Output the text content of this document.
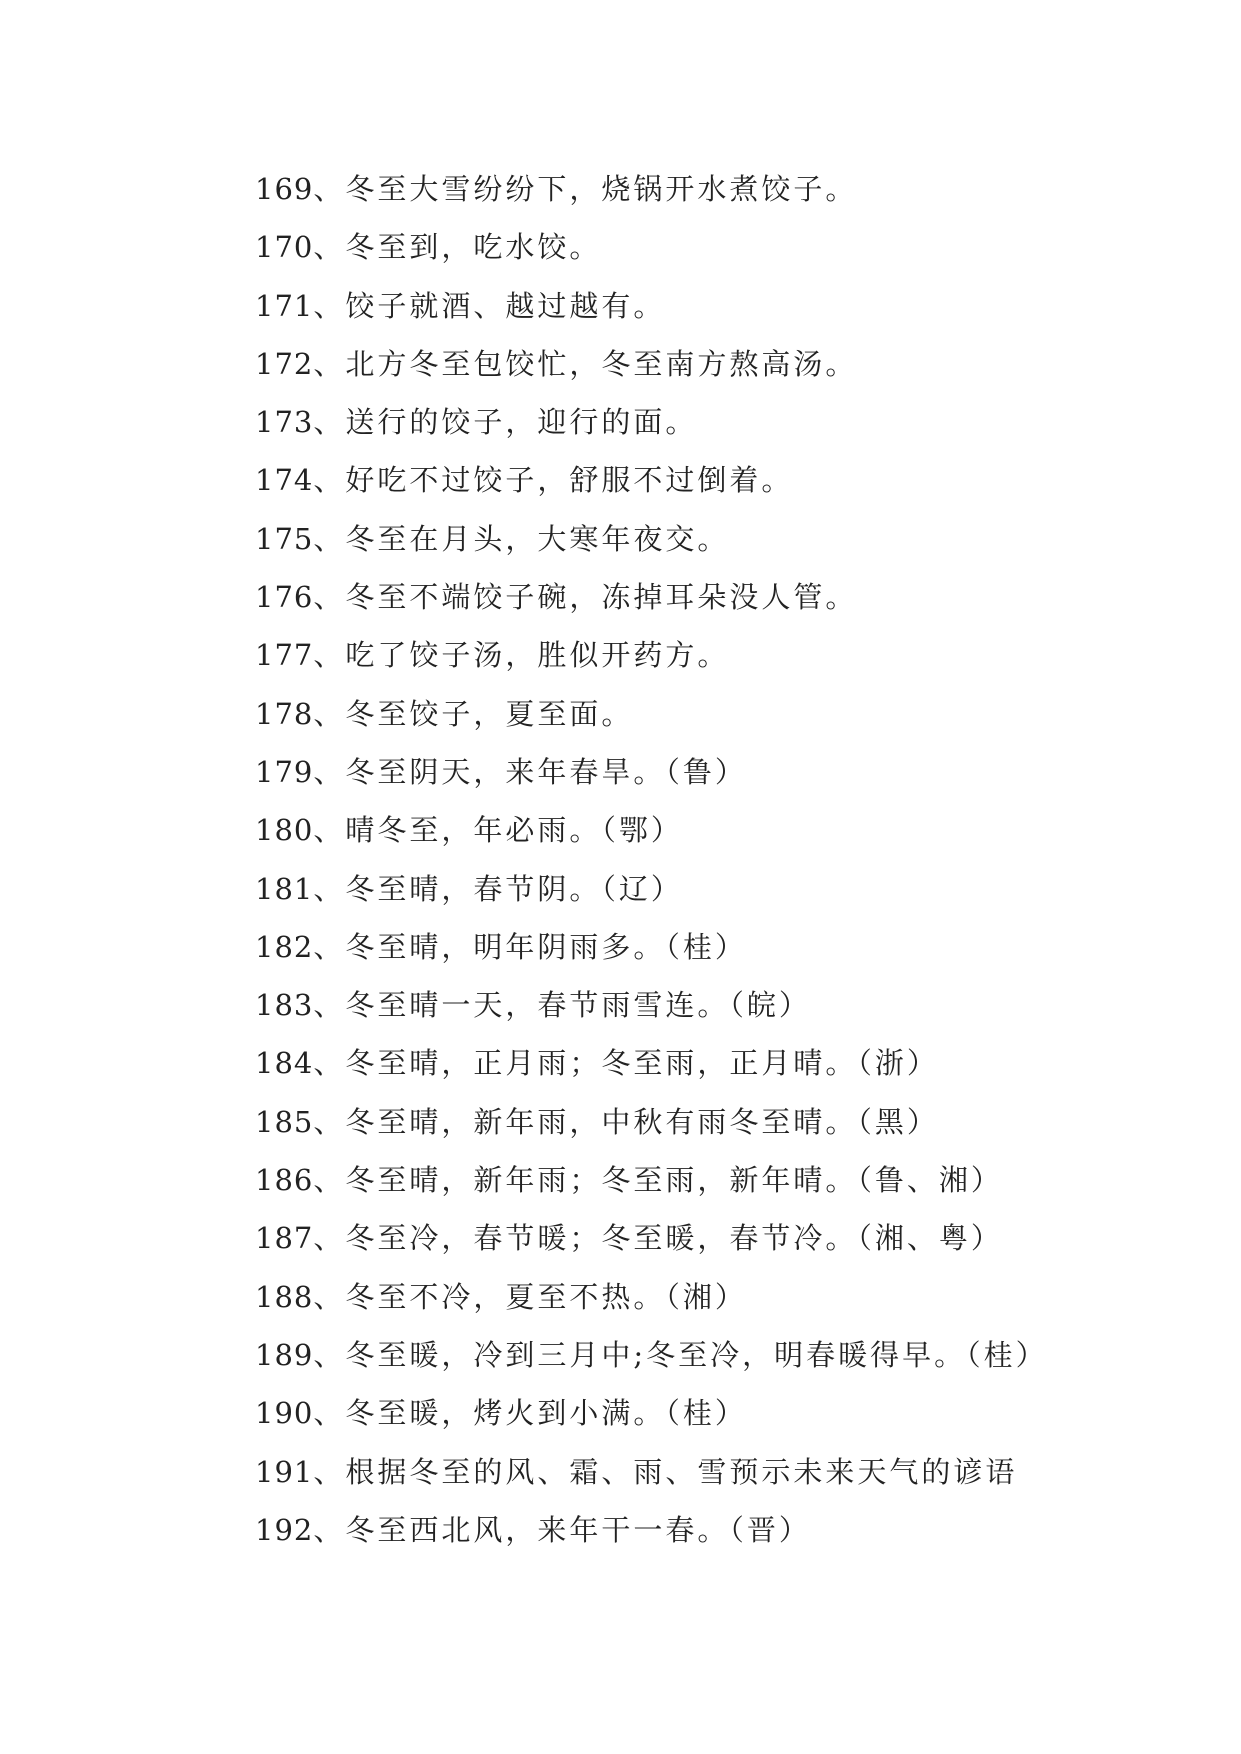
169、冬至大雪纷纷下，烧锅开水煮饺子。
170、冬至到，吃水饺。
171、饺子就酒、越过越有。
172、北方冬至包饺忙，冬至南方熬高汤。
173、送行的饺子，迎行的面。
174、好吃不过饺子，舒服不过倒着。
175、冬至在月头，大寒年夜交。
176、冬至不端饺子碗，冻掉耳朵没人管。
177、吃了饺子汤，胜似开药方。
178、冬至饺子，夏至面。
179、冬至阴天，来年春旱。（鲁）
180、晴冬至，年必雨。（鄂）
181、冬至晴，春节阴。（辽）
182、冬至晴，明年阴雨多。（桂）
183、冬至晴一天，春节雨雪连。（皖）
184、冬至晴，正月雨；冬至雨，正月晴。（浙）
185、冬至晴，新年雨，中秋有雨冬至晴。（黑）
186、冬至晴，新年雨；冬至雨，新年晴。（鲁、湘）
187、冬至冷，春节暖；冬至暖，春节冷。（湘、粤）
188、冬至不冷，夏至不热。（湘）
189、冬至暖，冷到三月中;冬至冷，明春暖得早。（桂）
190、冬至暖，烤火到小满。（桂）
191、根据冬至的风、霜、雨、雪预示未来天气的谚语
192、冬至西北风，来年干一春。（晋）
